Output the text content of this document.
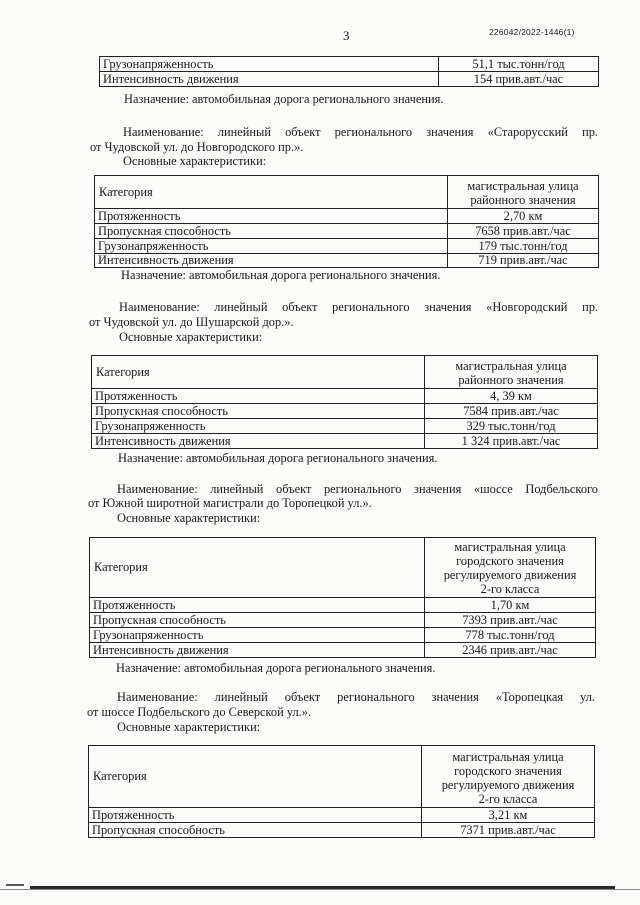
3	226042/2022-1446(1)
Грузонапряженность	51,1 тыс.тонн/год
Интенсивность движения	154 прив.авт./час
Назначение: автомобильная дорога регионального значения.
Наименование: линейный объект регионального значения «Старорусский пр.
от Чудовской ул. до Новгородского пр.».
Основные характеристики:
Категория	магистральная улица
районного значения

Протяженность	2,70 км
Пропускная способность	7658 прив.авт./час
Грузонапряженность	179 тыс.тонн/год
Интенсивность движения	719 прив.авт./час
Назначение: автомобильная дорога регионального значения.
Наименование: линейный объект регионального значения «Новгородский пр.
от Чудовской ул. до Шушарской дор.».
Основные характеристики:
Категория	магистральная улица
районного значения

Протяженность	4, 39 км
Пропускная способность	7584 прив.авт./час
Грузонапряженность	329 тыс.тонн/год
Интенсивность движения	1 324 прив.авт./час
Назначение: автомобильная дорога регионального значения.
Наименование: линейный объект регионального значения «шоссе Подбельского
от Южной широтной магистрали до Торопецкой ул.».
Основные характеристики:
Категория	магистральная улица
городского значения
регулируемого движения
2-го класса

Протяженность	1,70 км
Пропускная способность	7393 прив.авт./час
Грузонапряженность	778 тыс.тонн/год
Интенсивность движения	2346 прив.авт./час
Назначение: автомобильная дорога регионального значения.
Наименование: линейный объект регионального значения «Торопецкая ул.
от шоссе Подбельского до Северской ул.».
Основные характеристики:
Категория	магистральная улица
городского значения
регулируемого движения
2-го класса

Протяженность	3,21 км
Пропускная способность	7371 прив.авт./час
